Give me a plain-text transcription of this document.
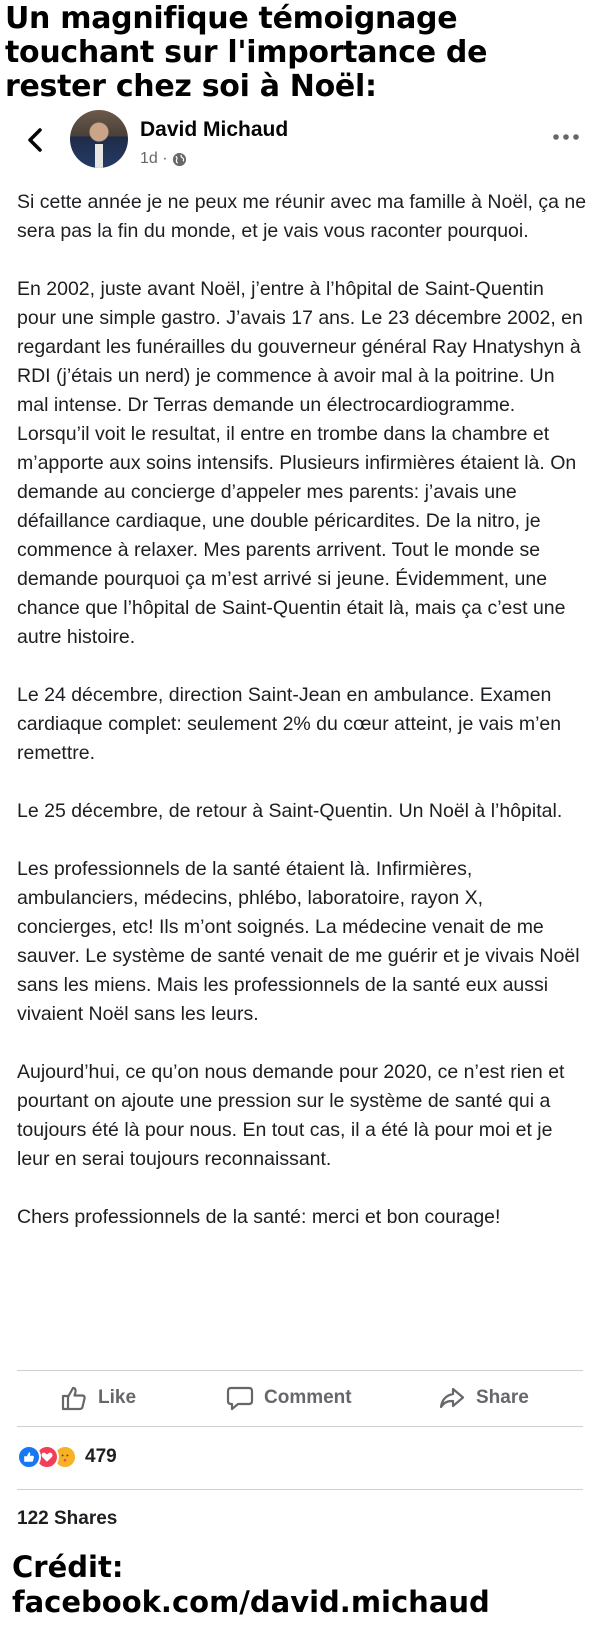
Un magnifique témoignage touchant sur l'importance de rester chez soi à Noël:
David Michaud
1d ·

Si cette année je ne peux me réunir avec ma famille à Noël, ça ne sera pas la fin du monde, et je vais vous raconter pourquoi.

En 2002, juste avant Noël, j’entre à l’hôpital de Saint-Quentin pour une simple gastro. J’avais 17 ans. Le 23 décembre 2002, en regardant les funérailles du gouverneur général Ray Hnatyshyn à RDI (j’étais un nerd) je commence à avoir mal à la poitrine. Un mal intense. Dr Terras demande un électrocardiogramme. Lorsqu’il voit le resultat, il entre en trombe dans la chambre et m’apporte aux soins intensifs. Plusieurs infirmières étaient là. On demande au concierge d’appeler mes parents: j’avais une défaillance cardiaque, une double péricardites. De la nitro, je commence à relaxer. Mes parents arrivent. Tout le monde se demande pourquoi ça m’est arrivé si jeune. Évidemment, une chance que l’hôpital de Saint-Quentin était là, mais ça c’est une autre histoire.

Le 24 décembre, direction Saint-Jean en ambulance. Examen cardiaque complet: seulement 2% du cœur atteint, je vais m’en remettre.

Le 25 décembre, de retour à Saint-Quentin. Un Noël à l’hôpital.

Les professionnels de la santé étaient là. Infirmières, ambulanciers, médecins, phlébo, laboratoire, rayon X, concierges, etc! Ils m’ont soignés. La médecine venait de me sauver. Le système de santé venait de me guérir et je vivais Noël sans les miens. Mais les professionnels de la santé eux aussi vivaient Noël sans les leurs.

Aujourd’hui, ce qu’on nous demande pour 2020, ce n’est rien et pourtant on ajoute une pression sur le système de santé qui a toujours été là pour nous. En tout cas, il a été là pour moi et je leur en serai toujours reconnaissant.

Chers professionnels de la santé: merci et bon courage!

Like	Comment	Share
479
122 Shares
Crédit:
facebook.com/david.michaud
